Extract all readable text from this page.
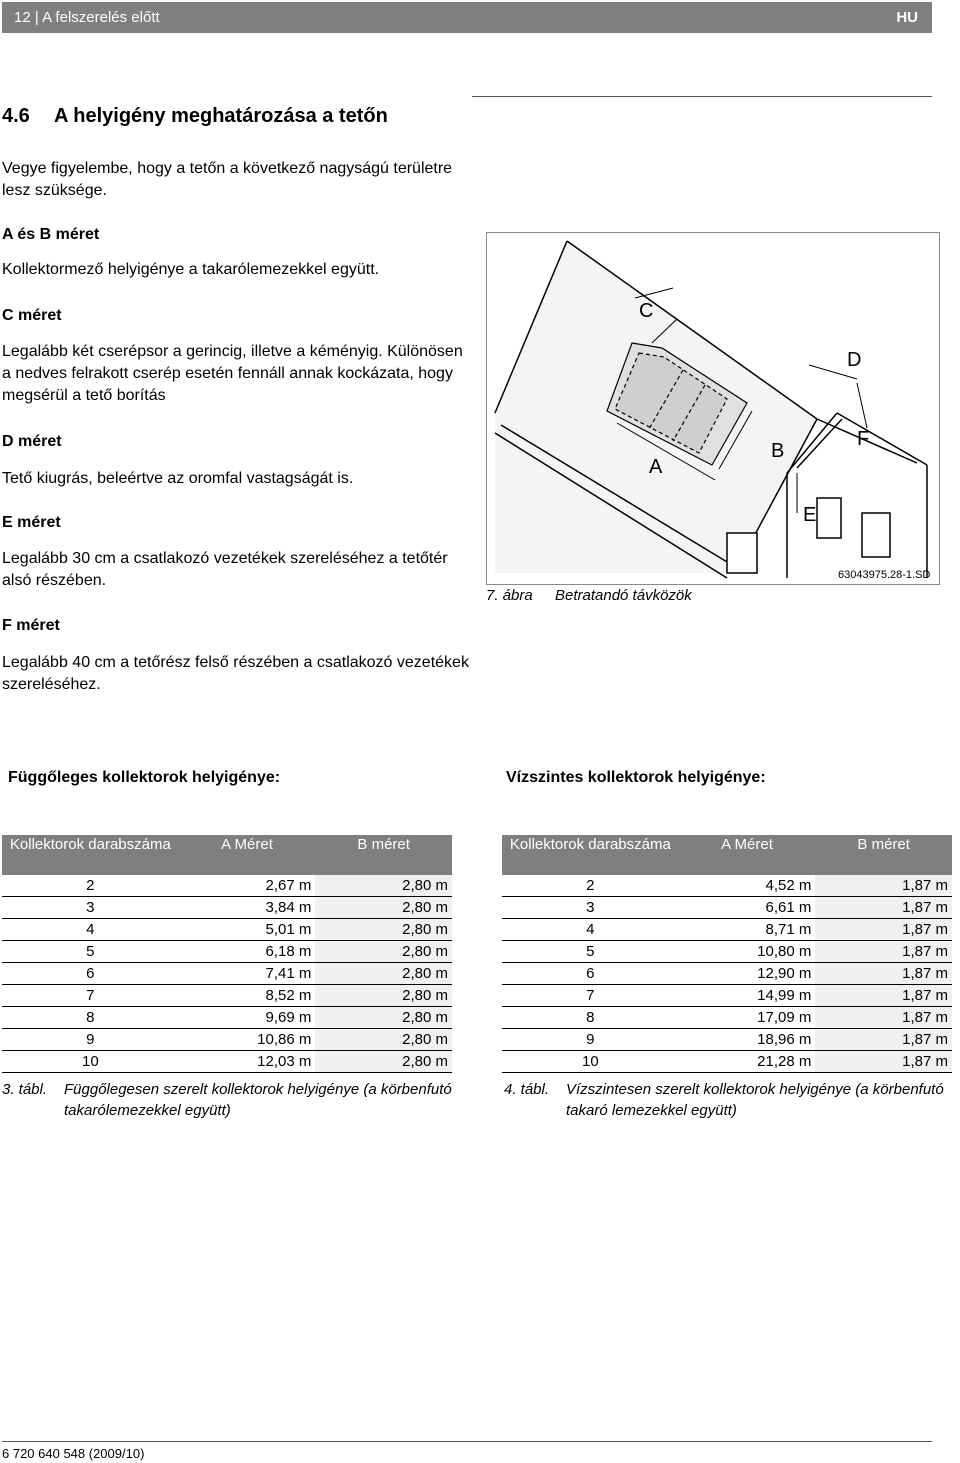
12 | A felszerelés előtt	HU
4.6 A helyigény meghatározása a tetőn
Vegye figyelembe, hogy a tetőn a következő nagyságú területre lesz szüksége.
A és B méret
Kollektormező helyigénye a takarólemezekkel együtt.
C méret
Legalább két cserépsor a gerincig, illetve a kéményig. Különösen a nedves felrakott cserép esetén fennáll annak kockázata, hogy megsérül a tető borítás
D méret
Tető kiugrás, beleértve az oromfal vastagságát is.
E méret
Legalább 30 cm a csatlakozó vezetékek szereléséhez a tetőtér alsó részében.
F méret
Legalább 40 cm a tetőrész felső részében a csatlakozó vezetékek szereléséhez.
A
B
C
D
E
F
63043975.28-1.SD
7. ábra Betratandó távközök
Függőleges kollektorok helyigénye:	Vízszintes kollektorok helyigénye:
Kollektorok darabszáma	A Méret	B méret
2	2,67 m	2,80 m
3	3,84 m	2,80 m
4	5,01 m	2,80 m
5	6,18 m	2,80 m
6	7,41 m	2,80 m
7	8,52 m	2,80 m
8	9,69 m	2,80 m
9	10,86 m	2,80 m
10	12,03 m	2,80 m
Kollektorok darabszáma	A Méret	B méret
2	4,52 m	1,87 m
3	6,61 m	1,87 m
4	8,71 m	1,87 m
5	10,80 m	1,87 m
6	12,90 m	1,87 m
7	14,99 m	1,87 m
8	17,09 m	1,87 m
9	18,96 m	1,87 m
10	21,28 m	1,87 m
3. tábl. Függőlegesen szerelt kollektorok helyigénye (a körbenfutó takarólemezekkel együtt)
4. tábl. Vízszintesen szerelt kollektorok helyigénye (a körbenfutó takaró lemezekkel együtt)
6 720 640 548 (2009/10)
